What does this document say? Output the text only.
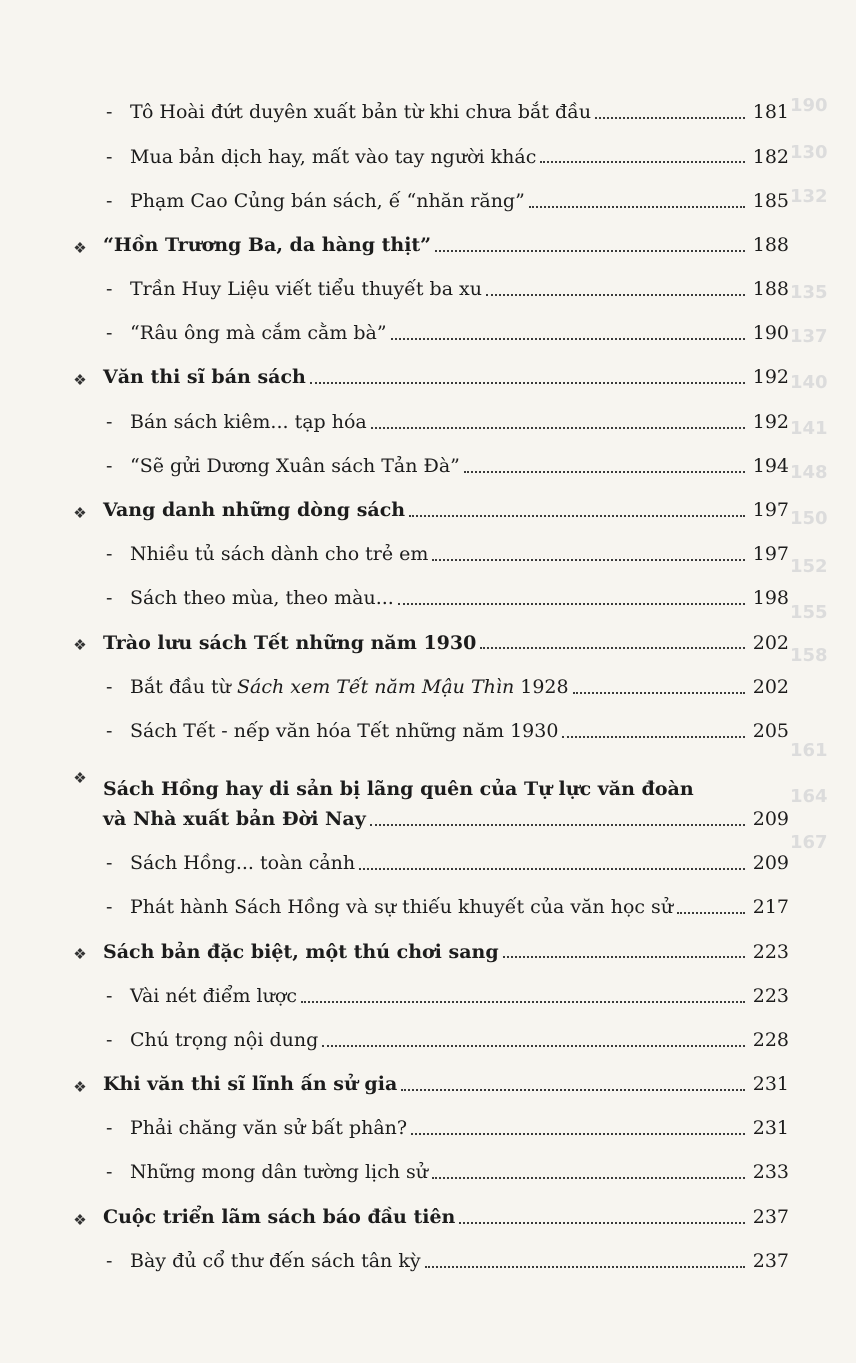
- Tô Hoài đứt duyên xuất bản từ khi chưa bắt đầu	181
- Mua bản dịch hay, mất vào tay người khác	182
- Phạm Cao Củng bán sách, ế “nhăn răng”	185
❖ “Hồn Trương Ba, da hàng thịt”	188
- Trần Huy Liệu viết tiểu thuyết ba xu	188
- “Râu ông mà cắm cằm bà”	190
❖ Văn thi sĩ bán sách	192
- Bán sách kiêm... tạp hóa	192
- “Sẽ gửi Dương Xuân sách Tản Đà”	194
❖ Vang danh những dòng sách	197
- Nhiều tủ sách dành cho trẻ em	197
- Sách theo mùa, theo màu...	198
❖ Trào lưu sách Tết những năm 1930	202
- Bắt đầu từ Sách xem Tết năm Mậu Thìn 1928	202
- Sách Tết - nếp văn hóa Tết những năm 1930	205
❖
Sách Hồng hay di sản bị lãng quên của Tự lực văn đoàn
và Nhà xuất bản Đời Nay	209
- Sách Hồng... toàn cảnh	209
- Phát hành Sách Hồng và sự thiếu khuyết của văn học sử	217
❖ Sách bản đặc biệt, một thú chơi sang	223
- Vài nét điểm lược	223
- Chú trọng nội dung	228
❖ Khi văn thi sĩ lĩnh ấn sử gia	231
- Phải chăng văn sử bất phân?	231
- Những mong dân tường lịch sử	233
❖ Cuộc triển lãm sách báo đầu tiên	237
- Bày đủ cổ thư đến sách tân kỳ	237
190
130
132
135
137
140
141
148
150
152
155
158
161
164
167
